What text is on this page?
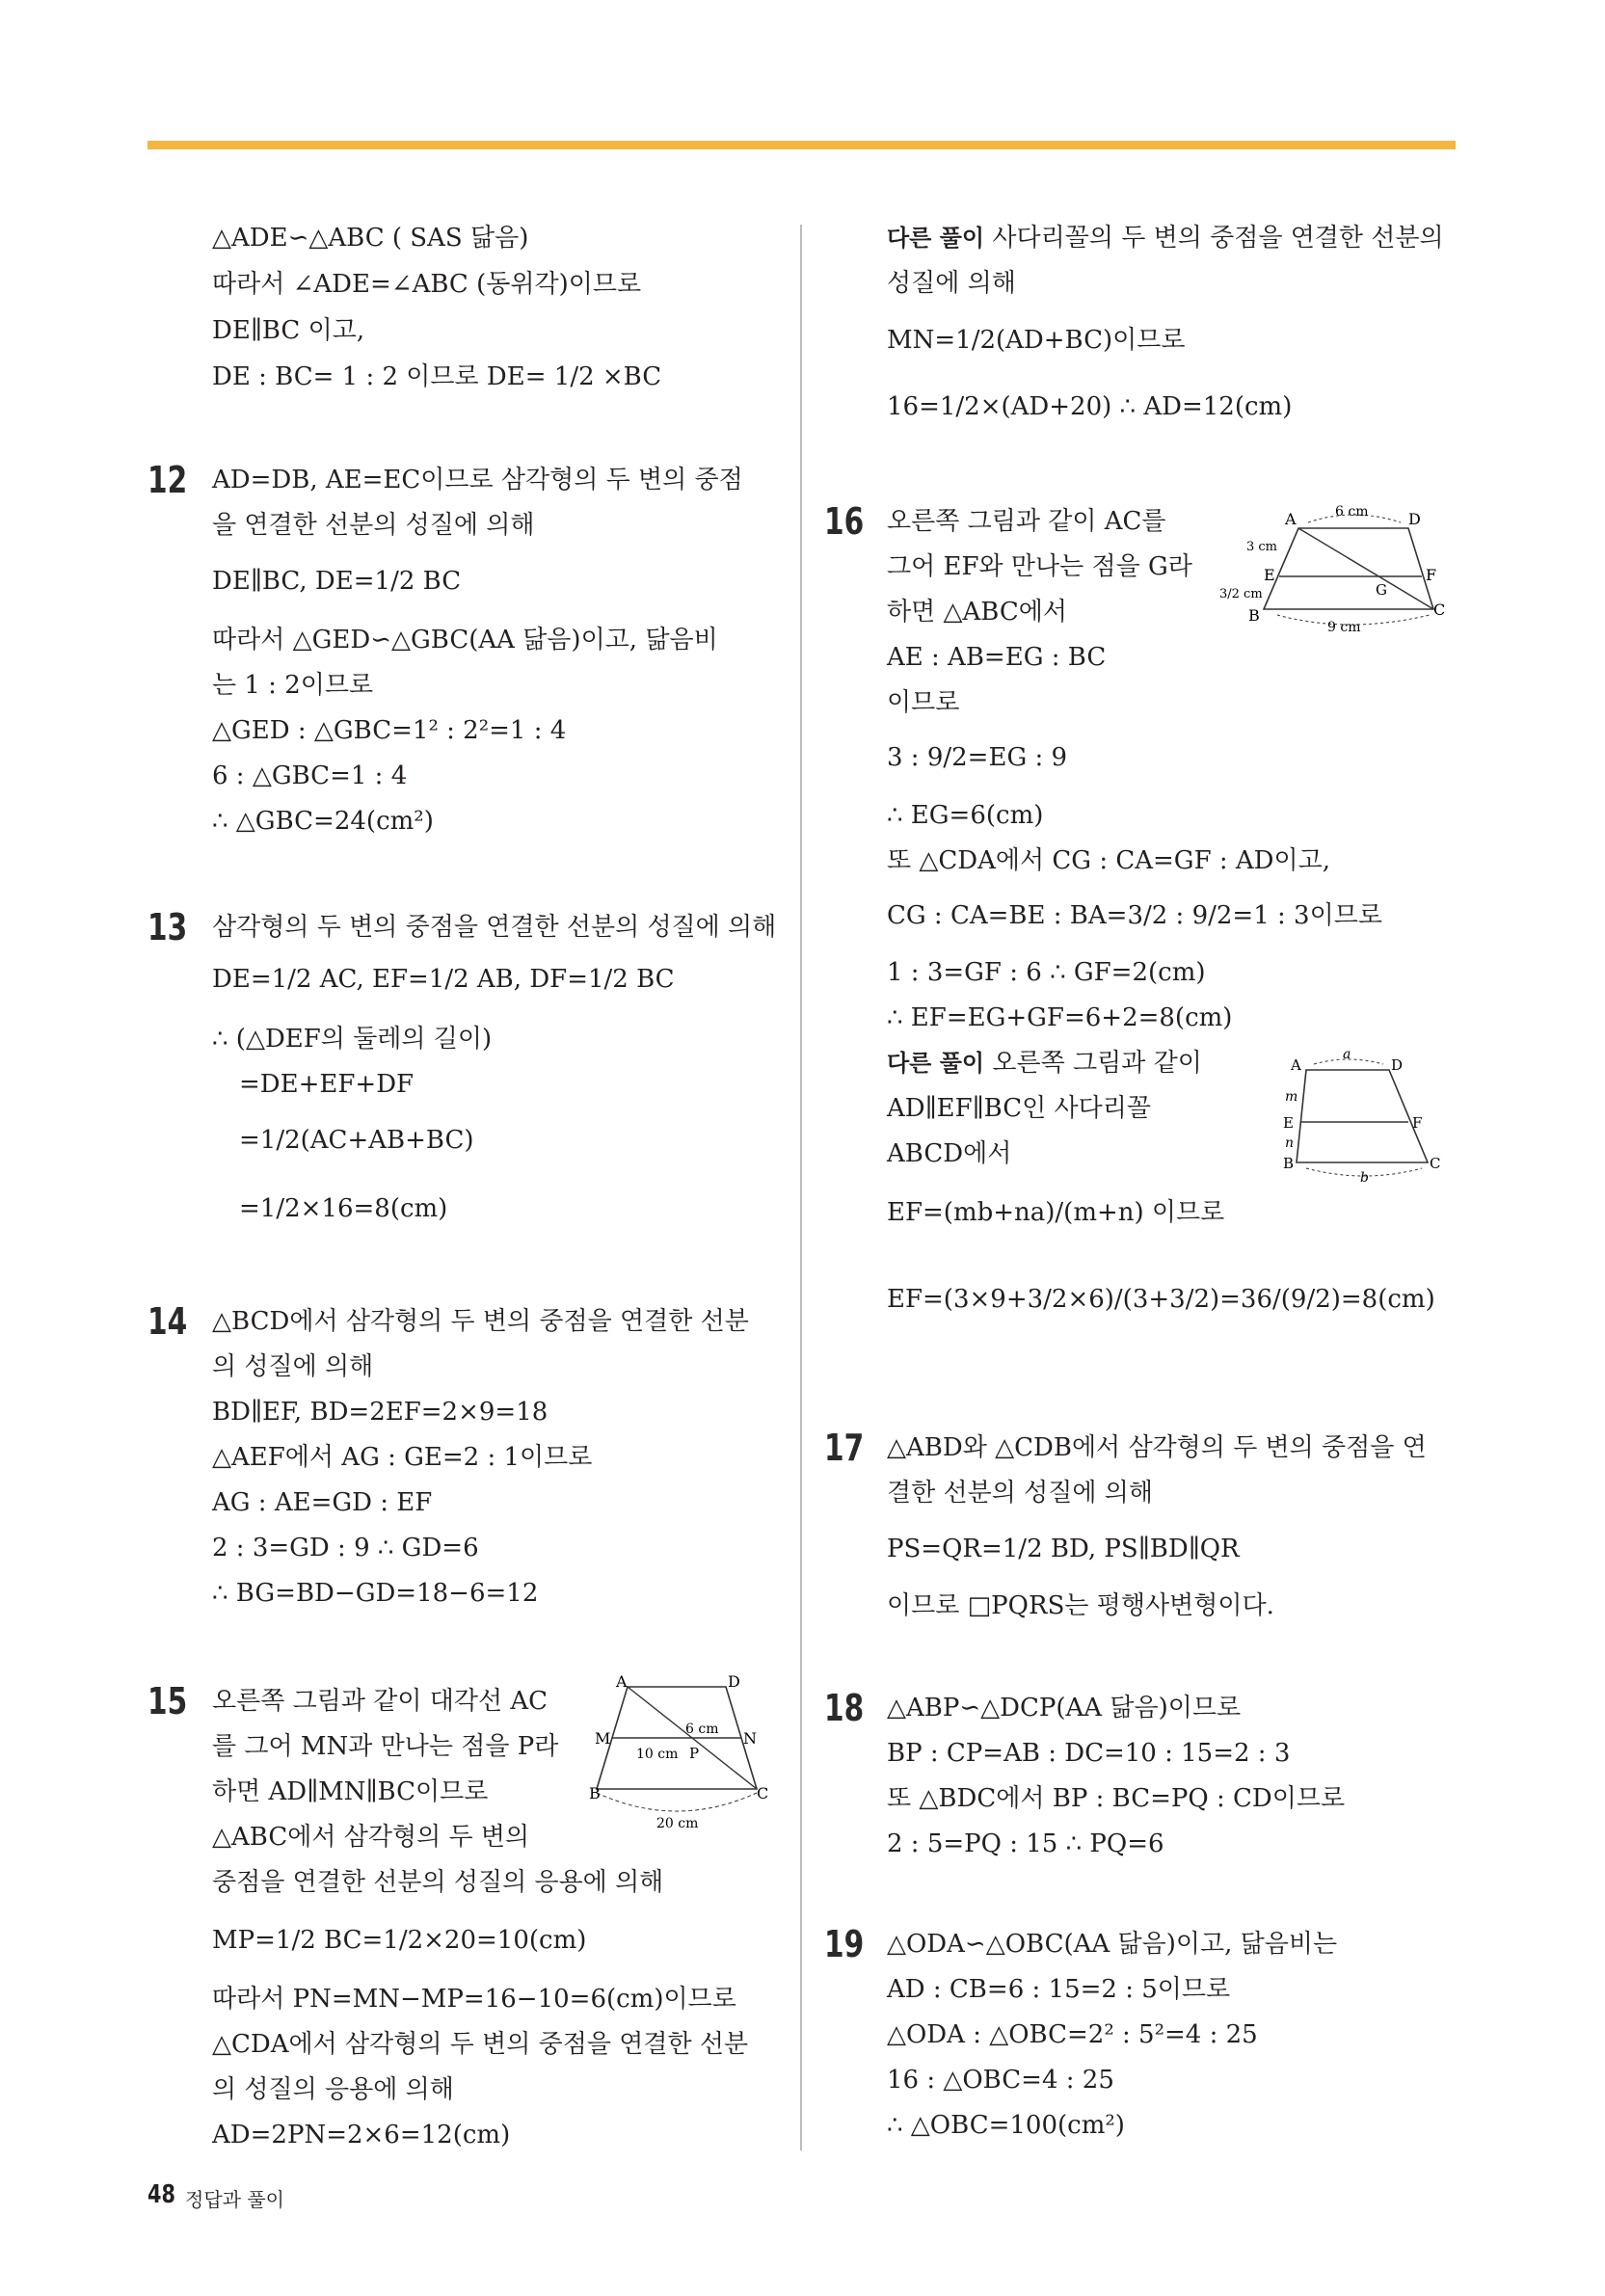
△ADE∽△ABC ( SAS 닮음)
따라서 ∠ADE=∠ABC (동위각)이므로
DE∥BC 이고,
DE : BC= 1 : 2 이므로 DE= 1/2 ×BC
12 AD=DB, AE=EC이므로 삼각형의 두 변의 중점
을 연결한 선분의 성질에 의해
DE∥BC, DE=1/2 BC
따라서 △GED∽△GBC(AA 닮음)이고, 닮음비
는 1 : 2이므로
△GED : △GBC=1² : 2²=1 : 4
6 : △GBC=1 : 4
∴ △GBC=24(cm²)
13 삼각형의 두 변의 중점을 연결한 선분의 성질에 의해
DE=1/2 AC, EF=1/2 AB, DF=1/2 BC
∴ (△DEF의 둘레의 길이)
=DE+EF+DF
=1/2(AC+AB+BC)
=1/2×16=8(cm)
14 △BCD에서 삼각형의 두 변의 중점을 연결한 선분
의 성질에 의해
BD∥EF, BD=2EF=2×9=18
△AEF에서 AG : GE=2 : 1이므로
AG : AE=GD : EF
2 : 3=GD : 9 ∴ GD=6
∴ BG=BD−GD=18−6=12
15 오른쪽 그림과 같이 대각선 AC
를 그어 MN과 만나는 점을 P라
하면 AD∥MN∥BC이므로
△ABC에서 삼각형의 두 변의
중점을 연결한 선분의 성질의 응용에 의해
MP=1/2 BC=1/2×20=10(cm)
따라서 PN=MN−MP=16−10=6(cm)이므로
△CDA에서 삼각형의 두 변의 중점을 연결한 선분
의 성질의 응용에 의해
AD=2PN=2×6=12(cm)
A	D
M	N
B	C
P
6 cm
10 cm
20 cm
다른 풀이 사다리꼴의 두 변의 중점을 연결한 선분의
성질에 의해
MN=1/2(AD+BC)이므로
16=1/2×(AD+20) ∴ AD=12(cm)
16 오른쪽 그림과 같이 AC를
그어 EF와 만나는 점을 G라
하면 △ABC에서
AE : AB=EG : BC
이므로
3 : 9/2=EG : 9
∴ EG=6(cm)
또 △CDA에서 CG : CA=GF : AD이고,
CG : CA=BE : BA=3/2 : 9/2=1 : 3이므로
1 : 3=GF : 6 ∴ GF=2(cm)
∴ EF=EG+GF=6+2=8(cm)
A	D
E	F
B	C
G
6 cm
9 cm
3 cm
3/2 cm
다른 풀이 오른쪽 그림과 같이
AD∥EF∥BC인 사다리꼴
ABCD에서
EF=(mb+na)/(m+n) 이므로
EF=(3×9+3/2×6)/(3+3/2)=36/(9/2)=8(cm)
A	D
E	F
B	C
a
b
m
n
17 △ABD와 △CDB에서 삼각형의 두 변의 중점을 연
결한 선분의 성질에 의해
PS=QR=1/2 BD, PS∥BD∥QR
이므로 □PQRS는 평행사변형이다.
18 △ABP∽△DCP(AA 닮음)이므로
BP : CP=AB : DC=10 : 15=2 : 3
또 △BDC에서 BP : BC=PQ : CD이므로
2 : 5=PQ : 15 ∴ PQ=6
19 △ODA∽△OBC(AA 닮음)이고, 닮음비는
AD : CB=6 : 15=2 : 5이므로
△ODA : △OBC=2² : 5²=4 : 25
16 : △OBC=4 : 25
∴ △OBC=100(cm²)
48 정답과 풀이
